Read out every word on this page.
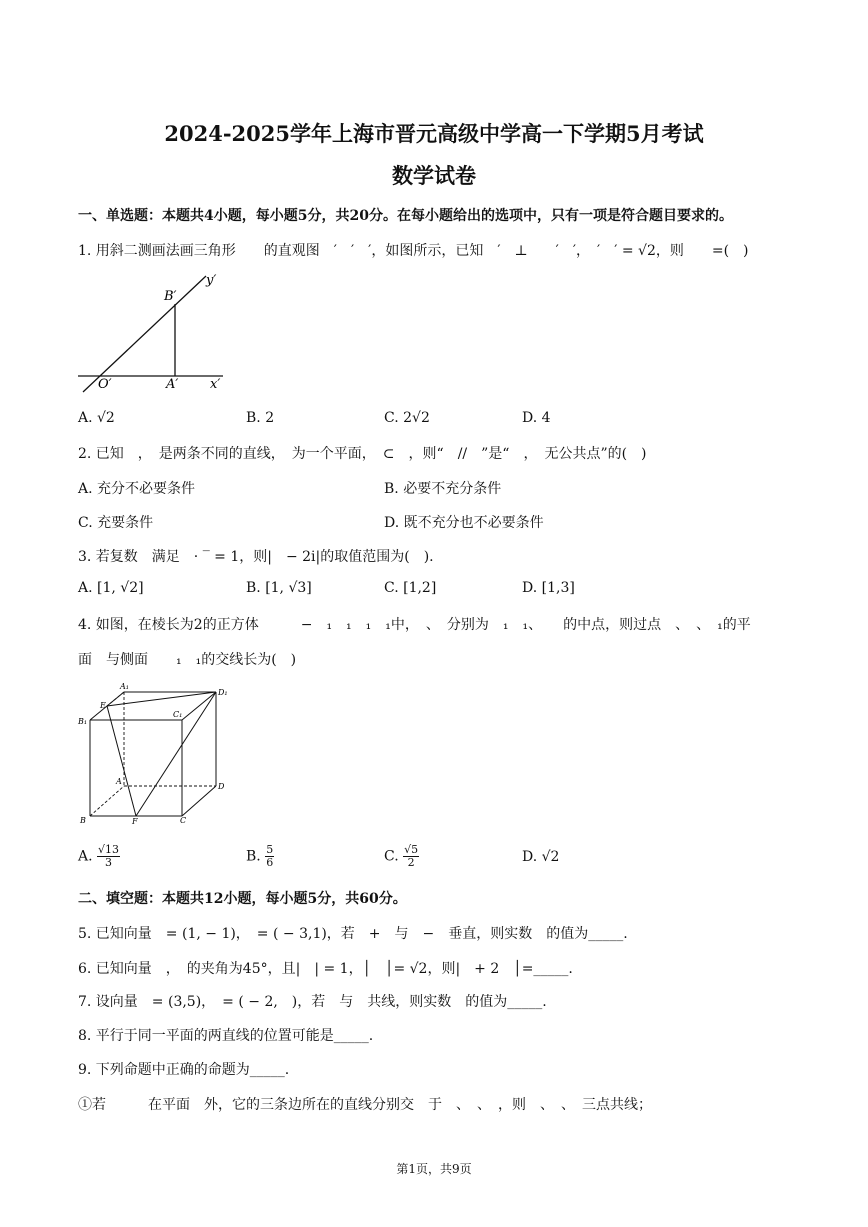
2024-2025学年上海市晋元高级中学高一下学期5月考试
数学试卷
一、单选题：本题共4小题，每小题5分，共20分。在每小题给出的选项中，只有一项是符合题目要求的。
1. 用斜二测画法画三角形　　的直观图　′　′　′，如图所示，已知　′　⊥　　′　′，　′　′ = √2，则　　=(　)
y′
x′
O′	A′
B′
A. √2	B. 2	C. 2√2	D. 4
2. 已知　，　是两条不同的直线，　为一个平面，　⊂　，则“　//　”是“　，　无公共点”的(　)
A. 充分不必要条件	B. 必要不充分条件
C. 充要条件	D. 既不充分也不必要条件
3. 若复数　满足　· ‾ = 1，则|　− 2i|的取值范围为(　).
A. [1, √2]	B. [1, √3]	C. [1,2]	D. [1,3]
4. 如图，在棱长为2的正方体　　　−　₁　₁　₁　₁中，　、　分别为　₁　₁、　　的中点，则过点　、　、　₁的平
面　与侧面　　₁　₁的交线长为(　)
A₁
D₁
B₁
C₁
E
A
D
B	C
F
A. $\frac{√13}{3}$	B. $\frac{5}{6}$	C. $\frac{√5}{2}$	D. √2
二、填空题：本题共12小题，每小题5分，共60分。
5. 已知向量　= (1, − 1)，　= ( − 3,1)，若　+　与　−　垂直，则实数　的值为_____.
6. 已知向量　，　的夹角为45°，且|　| = 1，│　│= √2，则|　+ 2　│=_____.
7. 设向量　= (3,5)，　= ( − 2,　)，若　与　共线，则实数　的值为_____.
8. 平行于同一平面的两直线的位置可能是_____.
9. 下列命题中正确的命题为_____.
①若　　　在平面　外，它的三条边所在的直线分别交　于　、　、　，则　、　、　三点共线；
第1页，共9页
